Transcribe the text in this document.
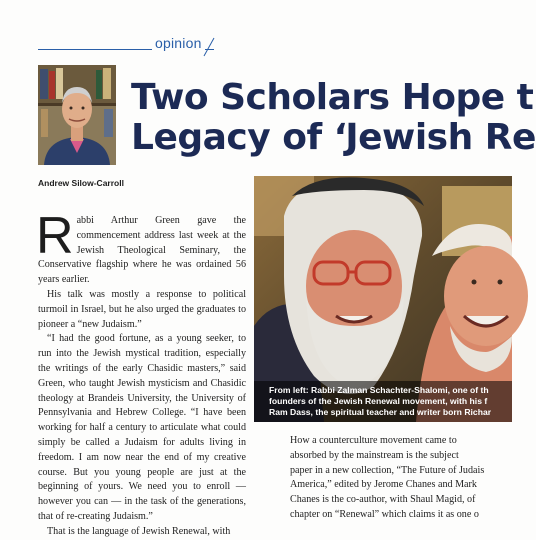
opinion
Two Scholars Hope t
Legacy of ‘Jewish Re
Andrew Silow-Carroll

Rabbi Arthur Green gave the commencement address last week at the Jewish Theological Seminary, the Conservative flagship where he was ordained 56 years earlier.

His talk was mostly a response to political turmoil in Israel, but he also urged the graduates to pioneer a “new Judaism.”

“I had the good fortune, as a young seeker, to run into the Jewish mystical tradition, especially the writings of the early Chasidic masters,” said Green, who taught Jewish mysticism and Chasidic theology at Brandeis University, the University of Pennsylvania and Hebrew College. “I have been working for half a century to articulate what could simply be called a Judaism for adults living in freedom. I am now near the end of my creative course. But you young people are just at the beginning of yours. We need you to enroll — however you can — in the task of the generations, that of re-creating Judaism.”

That is the language of Jewish Renewal, with

From left: Rabbi Zalman Schachter-Shalomi, one of th
founders of the Jewish Renewal movement, with his f
Ram Dass, the spiritual teacher and writer born Richar
How a counterculture movement came to
absorbed by the mainstream is the subject
paper in a new collection, “The Future of Judais
America,” edited by Jerome Chanes and Mark
Chanes is the co-author, with Shaul Magid, of
chapter on “Renewal” which claims it as one o
